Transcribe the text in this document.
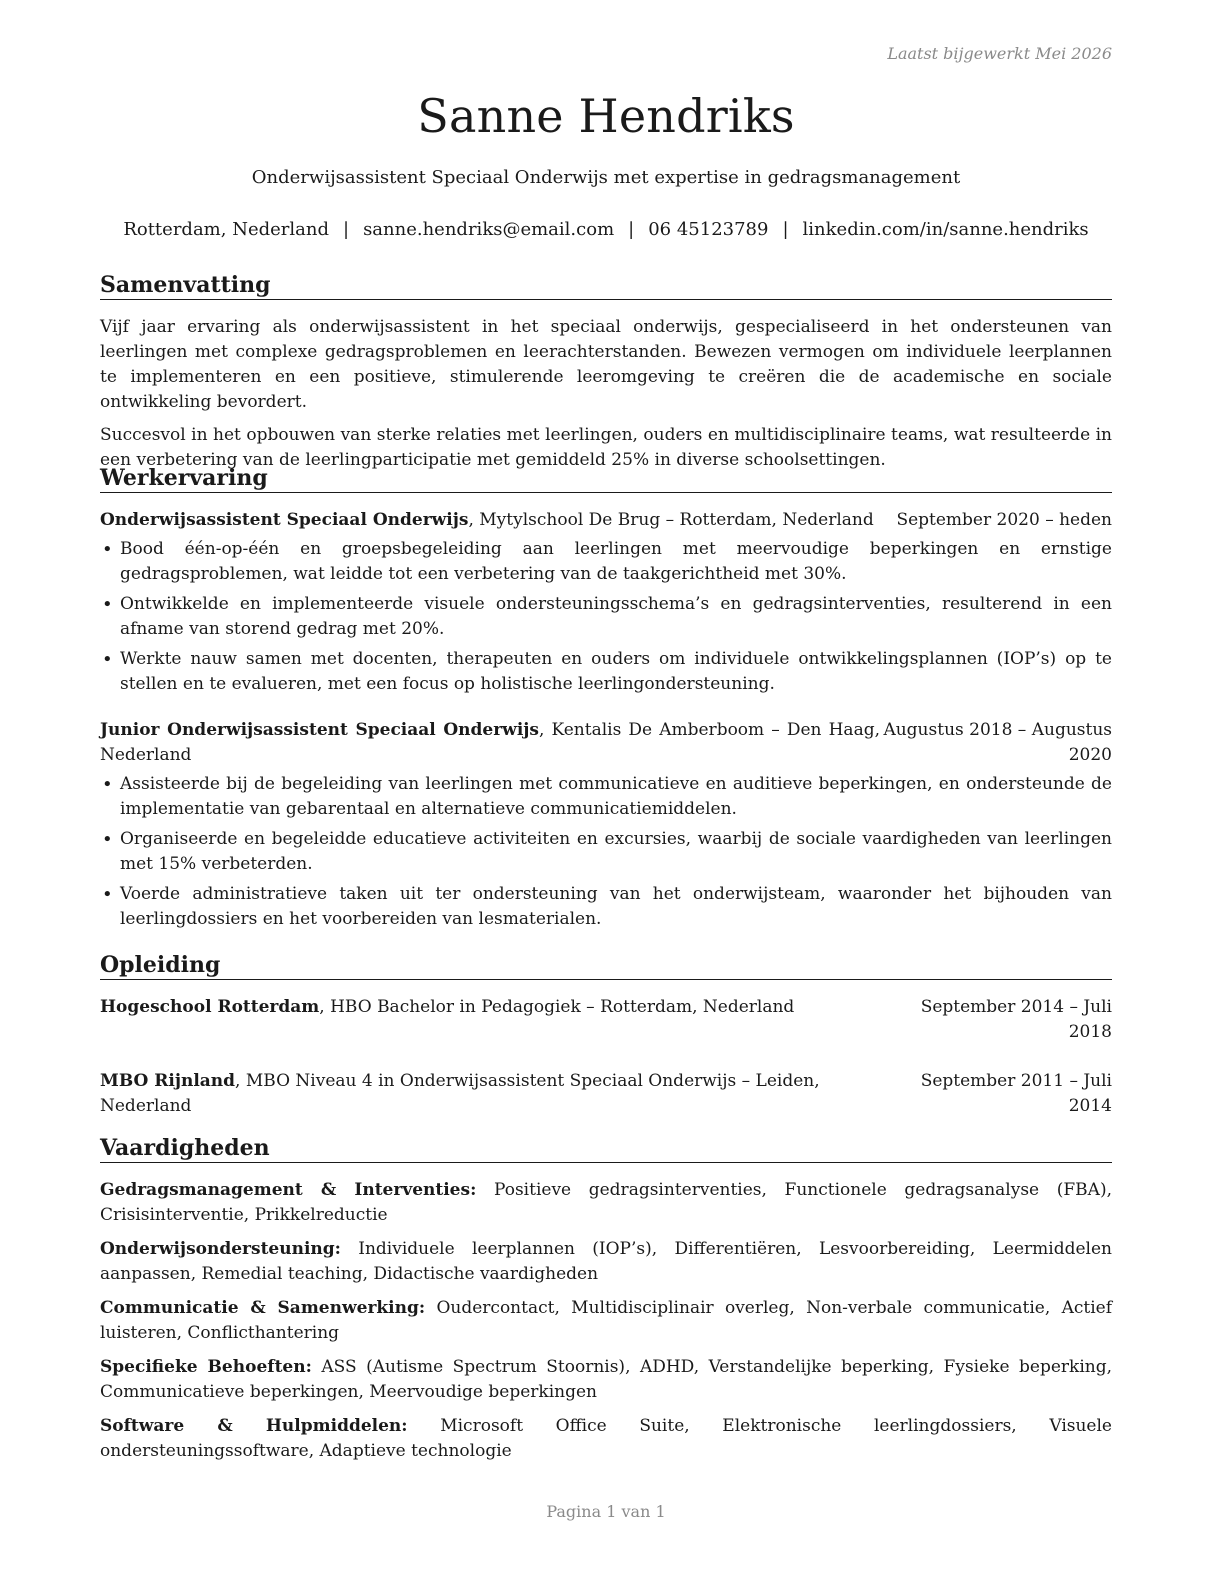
Laatst bijgewerkt Mei 2026
Sanne Hendriks
Onderwijsassistent Speciaal Onderwijs met expertise in gedragsmanagement
Rotterdam, Nederland | sanne.hendriks@email.com | 06 45123789 | linkedin.com/in/sanne.hendriks
Samenvatting

Vijf jaar ervaring als onderwijsassistent in het speciaal onderwijs, gespecialiseerd in het ondersteunen van leerlingen met complexe gedragsproblemen en leerachterstanden. Bewezen vermogen om individuele leerplannen te implementeren en een positieve, stimulerende leeromgeving te creëren die de academische en sociale ontwikkeling bevordert.

Succesvol in het opbouwen van sterke relaties met leerlingen, ouders en multidisciplinaire teams, wat resulteerde in een verbetering van de leerlingparticipatie met gemiddeld 25% in diverse schoolsettingen.

Werkervaring
Onderwijsassistent Speciaal Onderwijs, Mytylschool De Brug – Rotterdam, Nederland	September 2020 – heden
• Bood één-op-één en groepsbegeleiding aan leerlingen met meervoudige beperkingen en ernstige gedragsproblemen, wat leidde tot een verbetering van de taakgerichtheid met 30%.
• Ontwikkelde en implementeerde visuele ondersteuningsschema’s en gedragsinterventies, resulterend in een afname van storend gedrag met 20%.
• Werkte nauw samen met docenten, therapeuten en ouders om individuele ontwikkelingsplannen (IOP’s) op te stellen en te evalueren, met een focus op holistische leerlingondersteuning.
Junior Onderwijsassistent Speciaal Onderwijs, Kentalis De Amberboom – Den Haag, Nederland
Augustus 2018 – Augustus 2020
• Assisteerde bij de begeleiding van leerlingen met communicatieve en auditieve beperkingen, en ondersteunde de implementatie van gebarentaal en alternatieve communicatiemiddelen.
• Organiseerde en begeleidde educatieve activiteiten en excursies, waarbij de sociale vaardigheden van leerlingen met 15% verbeterden.
• Voerde administratieve taken uit ter ondersteuning van het onderwijsteam, waaronder het bijhouden van leerlingdossiers en het voorbereiden van lesmaterialen.
Opleiding
Hogeschool Rotterdam, HBO Bachelor in Pedagogiek – Rotterdam, Nederland	September 2014 – Juli 2018
MBO Rijnland, MBO Niveau 4 in Onderwijsassistent Speciaal Onderwijs – Leiden, Nederland
September 2011 – Juli 2014
Vaardigheden
Gedragsmanagement & Interventies: Positieve gedragsinterventies, Functionele gedragsanalyse (FBA), Crisisinterventie, Prikkelreductie
Onderwijsondersteuning: Individuele leerplannen (IOP’s), Differentiëren, Lesvoorbereiding, Leermiddelen aanpassen, Remedial teaching, Didactische vaardigheden
Communicatie & Samenwerking: Oudercontact, Multidisciplinair overleg, Non-verbale communicatie, Actief luisteren, Conflicthantering
Specifieke Behoeften: ASS (Autisme Spectrum Stoornis), ADHD, Verstandelijke beperking, Fysieke beperking, Communicatieve beperkingen, Meervoudige beperkingen
Software & Hulpmiddelen: Microsoft Office Suite, Elektronische leerlingdossiers, Visuele ondersteuningssoftware, Adaptieve technologie
Pagina 1 van 1
